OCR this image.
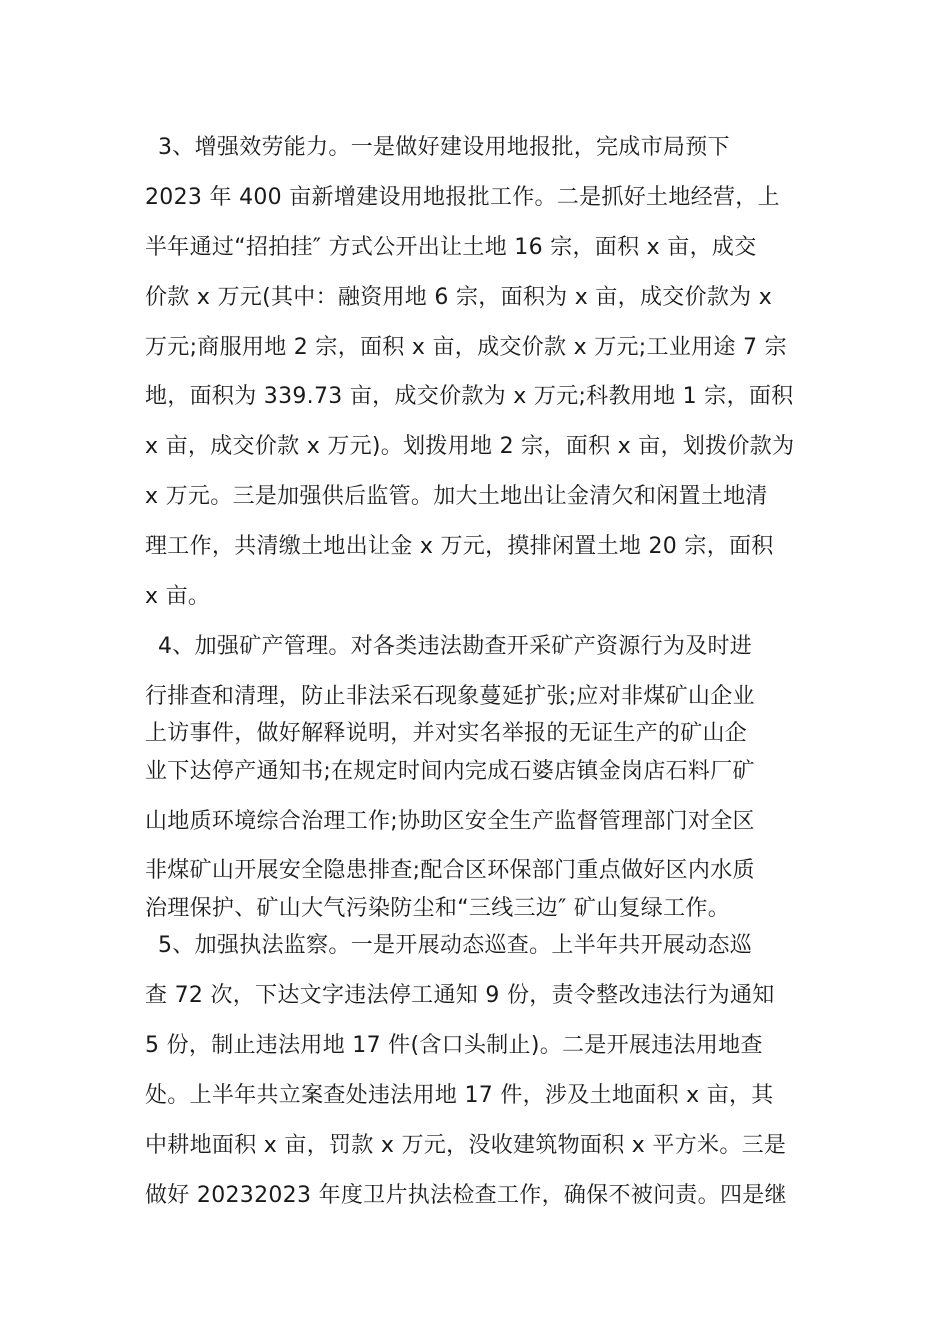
3、增强效劳能力。一是做好建设用地报批，完成市局预下
2023 年 400 亩新增建设用地报批工作。二是抓好土地经营，上
半年通过“招拍挂″ 方式公开出让土地 16 宗，面积 x 亩，成交
价款 x 万元(其中：融资用地 6 宗，面积为 x 亩，成交价款为 x
万元;商服用地 2 宗，面积 x 亩，成交价款 x 万元;工业用途 7 宗
地，面积为 339.73 亩，成交价款为 x 万元;科教用地 1 宗，面积
x 亩，成交价款 x 万元)。划拨用地 2 宗，面积 x 亩，划拨价款为
x 万元。三是加强供后监管。加大土地出让金清欠和闲置土地清
理工作，共清缴土地出让金 x 万元，摸排闲置土地 20 宗，面积
x 亩。
4、加强矿产管理。对各类违法勘查开采矿产资源行为及时进
行排查和清理，防止非法采石现象蔓延扩张;应对非煤矿山企业
上访事件，做好解释说明，并对实名举报的无证生产的矿山企
业下达停产通知书;在规定时间内完成石婆店镇金岗店石料厂矿
山地质环境综合治理工作;协助区安全生产监督管理部门对全区
非煤矿山开展安全隐患排查;配合区环保部门重点做好区内水质
治理保护、矿山大气污染防尘和“三线三边″ 矿山复绿工作。
5、加强执法监察。一是开展动态巡查。上半年共开展动态巡
查 72 次，下达文字违法停工通知 9 份，责令整改违法行为通知
5 份，制止违法用地 17 件(含口头制止)。二是开展违法用地查
处。上半年共立案查处违法用地 17 件，涉及土地面积 x 亩，其
中耕地面积 x 亩，罚款 x 万元，没收建筑物面积 x 平方米。三是
做好 20232023 年度卫片执法检查工作，确保不被问责。四是继
